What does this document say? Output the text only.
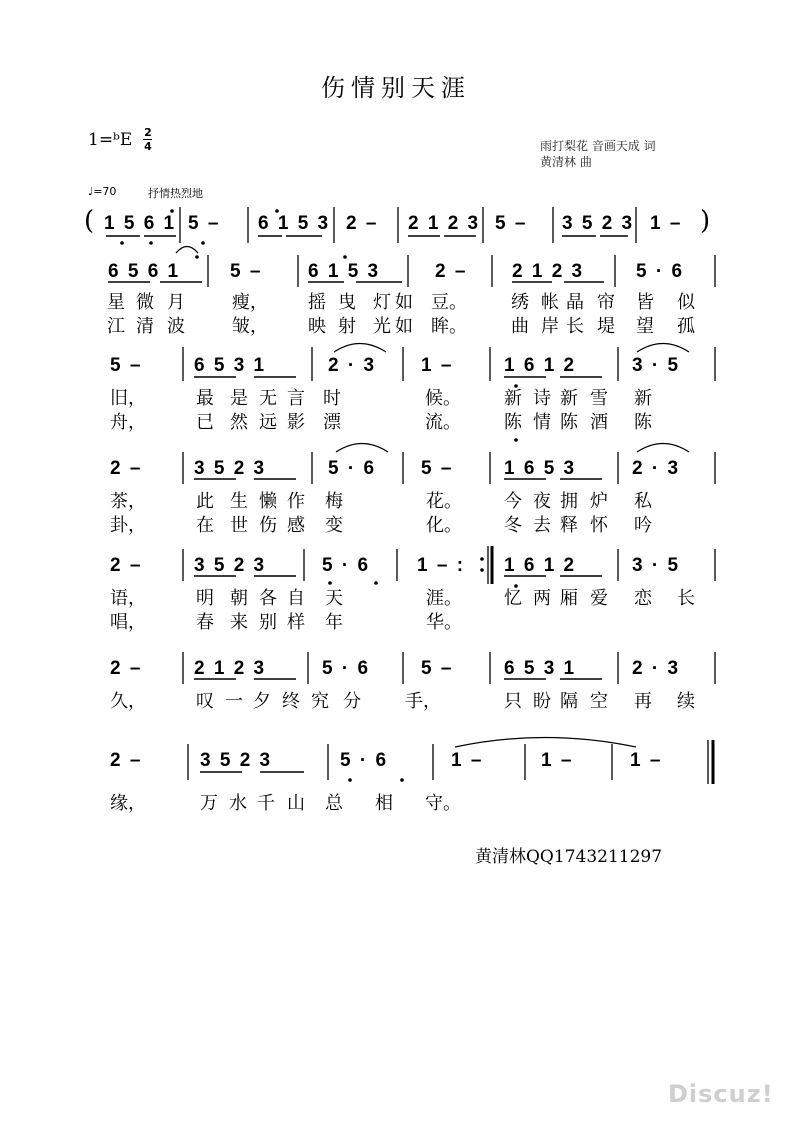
伤情别天涯
1=ᵇE 2
4	雨打梨花 音画天成 词
黄清林 曲
♩=70	抒情热烈地
1 5 6 1 5 – 6 1 5 3 2 – 2 1 2 3 5 – 3 5 2 3 1 –
(	)
6 5 6 1	5 –	6 1 5 3	2 – 2 1 2 3	5 · 6
星 微 月	瘦， 摇 曳 灯 如 豆。 绣 帐 晶 帘 皆 似
江 清 波	皱， 映 射 光 如 眸。 曲 岸 长 堤 望 孤
5 –	6 5 3 1	2 · 3 1 –	1 6 1 2	3 · 5
旧，	最 是 无 言 时	候。 新 诗 新 雪 新
舟，	已 然 远 影 漂	流。 陈 情 陈 酒 陈
2 –	3 5 2 3	5 · 6 5 –	1 6 5 3	2 · 3
茶，	此 生 懒 作 梅	花。 今 夜 拥 炉 私
卦，	在 世 伤 感 变	化。 冬 去 释 怀 吟
2 –	3 5 2 3	5 · 6	1 – : 1 6 1 2	3 · 5
语，	明 朝 各 自 天	涯。 忆 两 厢 爱 恋 长
唱，	春 来 别 样 年	华。
2 –	2 1 2 3	5 · 6	5 –	6 5 3 1	2 · 3
久，	叹 一 夕 终 究 分 手，	只 盼 隔 空 再 续
2 –	3 5 2 3	5 · 6	1 –	1 –	1 –
缘，	万 水 千 山 总 相 守。
黄清林QQ1743211297
Discuz!
